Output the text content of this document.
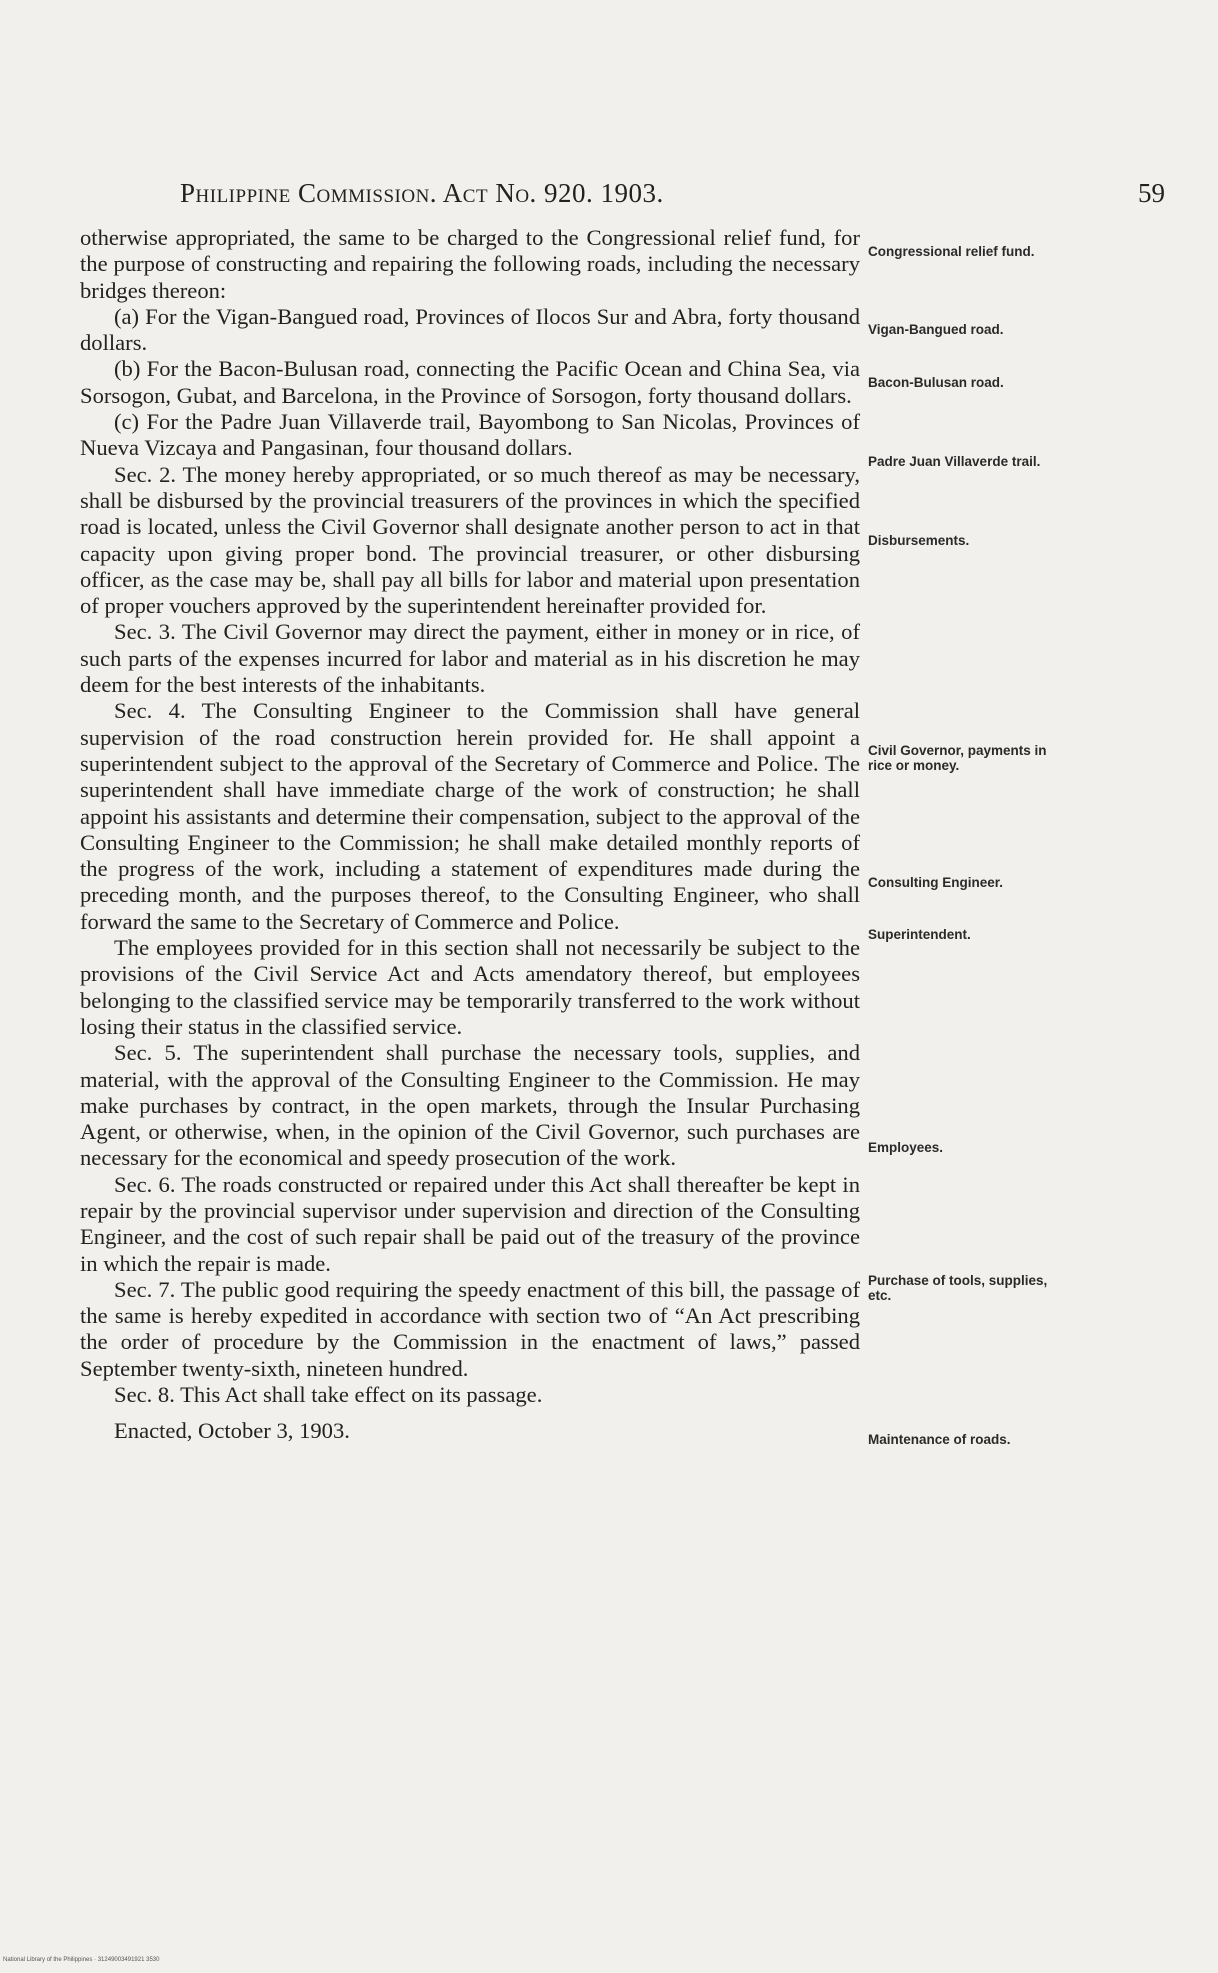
Philippine Commission. Act No. 920. 1903.	59

otherwise appropriated, the same to be charged to the Congressional relief fund, for the purpose of constructing and repairing the following roads, including the necessary bridges thereon:

(a) For the Vigan-Bangued road, Provinces of Ilocos Sur and Abra, forty thousand dollars.

(b) For the Bacon-Bulusan road, connecting the Pacific Ocean and China Sea, via Sorsogon, Gubat, and Barcelona, in the Province of Sorsogon, forty thousand dollars.

(c) For the Padre Juan Villaverde trail, Bayombong to San Nicolas, Provinces of Nueva Vizcaya and Pangasinan, four thousand dollars.

Sec. 2. The money hereby appropriated, or so much thereof as may be necessary, shall be disbursed by the provincial treasurers of the provinces in which the specified road is located, unless the Civil Governor shall designate another person to act in that capacity upon giving proper bond. The provincial treasurer, or other disbursing officer, as the case may be, shall pay all bills for labor and material upon presentation of proper vouchers approved by the superintendent hereinafter provided for.

Sec. 3. The Civil Governor may direct the payment, either in money or in rice, of such parts of the expenses incurred for labor and material as in his discretion he may deem for the best interests of the inhabitants.

Sec. 4. The Consulting Engineer to the Commission shall have general supervision of the road construction herein provided for. He shall appoint a superintendent subject to the approval of the Secretary of Commerce and Police. The superintendent shall have immediate charge of the work of construction; he shall appoint his assistants and determine their compensation, subject to the approval of the Consulting Engineer to the Commission; he shall make detailed monthly reports of the progress of the work, including a statement of expenditures made during the preceding month, and the purposes thereof, to the Consulting Engineer, who shall forward the same to the Secretary of Commerce and Police.

The employees provided for in this section shall not necessarily be subject to the provisions of the Civil Service Act and Acts amendatory thereof, but employees belonging to the classified service may be temporarily transferred to the work without losing their status in the classified service.

Sec. 5. The superintendent shall purchase the necessary tools, supplies, and material, with the approval of the Consulting Engineer to the Commission. He may make purchases by contract, in the open markets, through the Insular Purchasing Agent, or otherwise, when, in the opinion of the Civil Governor, such purchases are necessary for the economical and speedy prosecution of the work.

Sec. 6. The roads constructed or repaired under this Act shall thereafter be kept in repair by the provincial supervisor under supervision and direction of the Consulting Engineer, and the cost of such repair shall be paid out of the treasury of the province in which the repair is made.

Sec. 7. The public good requiring the speedy enactment of this bill, the passage of the same is hereby expedited in accordance with section two of “An Act prescribing the order of procedure by the Commission in the enactment of laws,” passed September twenty-sixth, nineteen hundred.

Sec. 8. This Act shall take effect on its passage.

Enacted, October 3, 1903.

Congressional relief fund.
Vigan-Bangued road.
Bacon-Bulusan road.
Padre Juan Villaverde trail.
Disbursements.
Civil Governor, payments in rice or money.
Consulting Engineer.
Superintendent.
Employees.
Purchase of tools, supplies, etc.
Maintenance of roads.
National Library of the Philippines · 31249003491921 3530
